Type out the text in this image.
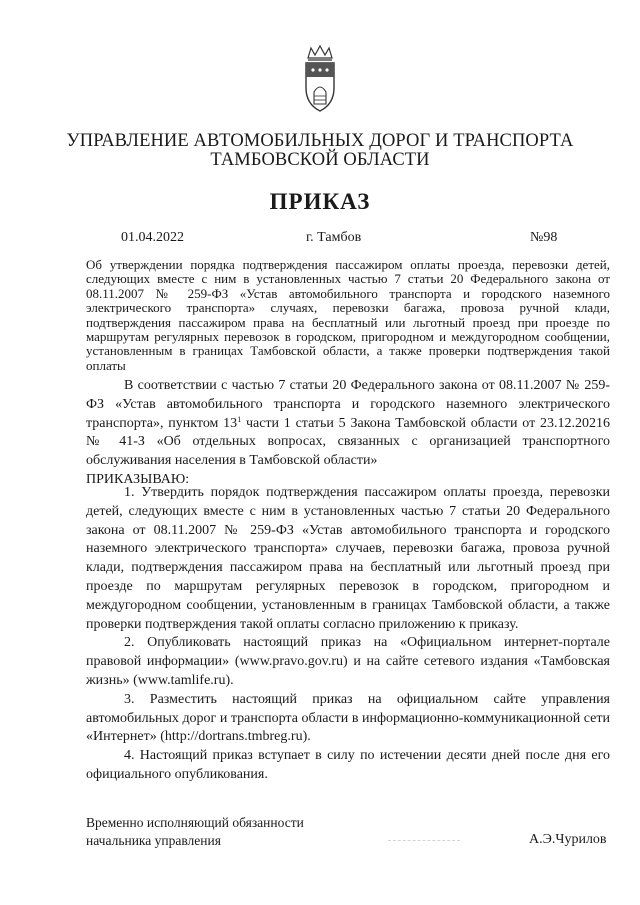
УПРАВЛЕНИЕ АВТОМОБИЛЬНЫХ ДОРОГ И ТРАНСПОРТА
ТАМБОВСКОЙ ОБЛАСТИ
ПРИКАЗ
01.04.2022	г. Тамбов	№98
Об утверждении порядка подтверждения пассажиром оплаты проезда, перевозки детей, следующих вместе с ним в установленных частью 7 статьи 20 Федерального закона от 08.11.2007 № 259-ФЗ «Устав автомобильного транспорта и городского наземного электрического транспорта» случаях, перевозки багажа, провоза ручной клади, подтверждения пассажиром права на бесплатный или льготный проезд при проезде по маршрутам регулярных перевозок в городском, пригородном и междугородном сообщении, установленным в границах Тамбовской области, а также проверки подтверждения такой оплаты

В соответствии с частью 7 статьи 20 Федерального закона от 08.11.2007 № 259-ФЗ «Устав автомобильного транспорта и городского наземного электрического транспорта», пунктом $13^1$ части 1 статьи 5 Закона Тамбовской области от 23.12.20216 № 41-З «Об отдельных вопросах, связанных с организацией транспортного обслуживания населения в Тамбовской области»

ПРИКАЗЫВАЮ:

1. Утвердить порядок подтверждения пассажиром оплаты проезда, перевозки детей, следующих вместе с ним в установленных частью 7 статьи 20 Федерального закона от 08.11.2007 № 259-ФЗ «Устав автомобильного транспорта и городского наземного электрического транспорта» случаев, перевозки багажа, провоза ручной клади, подтверждения пассажиром права на бесплатный или льготный проезд при проезде по маршрутам регулярных перевозок в городском, пригородном и междугородном сообщении, установленным в границах Тамбовской области, а также проверки подтверждения такой оплаты согласно приложению к приказу.

2. Опубликовать настоящий приказ на «Официальном интернет-портале правовой информации» (www.pravo.gov.ru) и на сайте сетевого издания «Тамбовская жизнь» (www.tamlife.ru).

3. Разместить настоящий приказ на официальном сайте управления автомобильных дорог и транспорта области в информационно-коммуникационной сети «Интернет» (http://dortrans.tmbreg.ru).

4. Настоящий приказ вступает в силу по истечении десяти дней после дня его официального опубликования.

Временно исполняющий обязанности
начальника управления	А.Э.Чурилов
